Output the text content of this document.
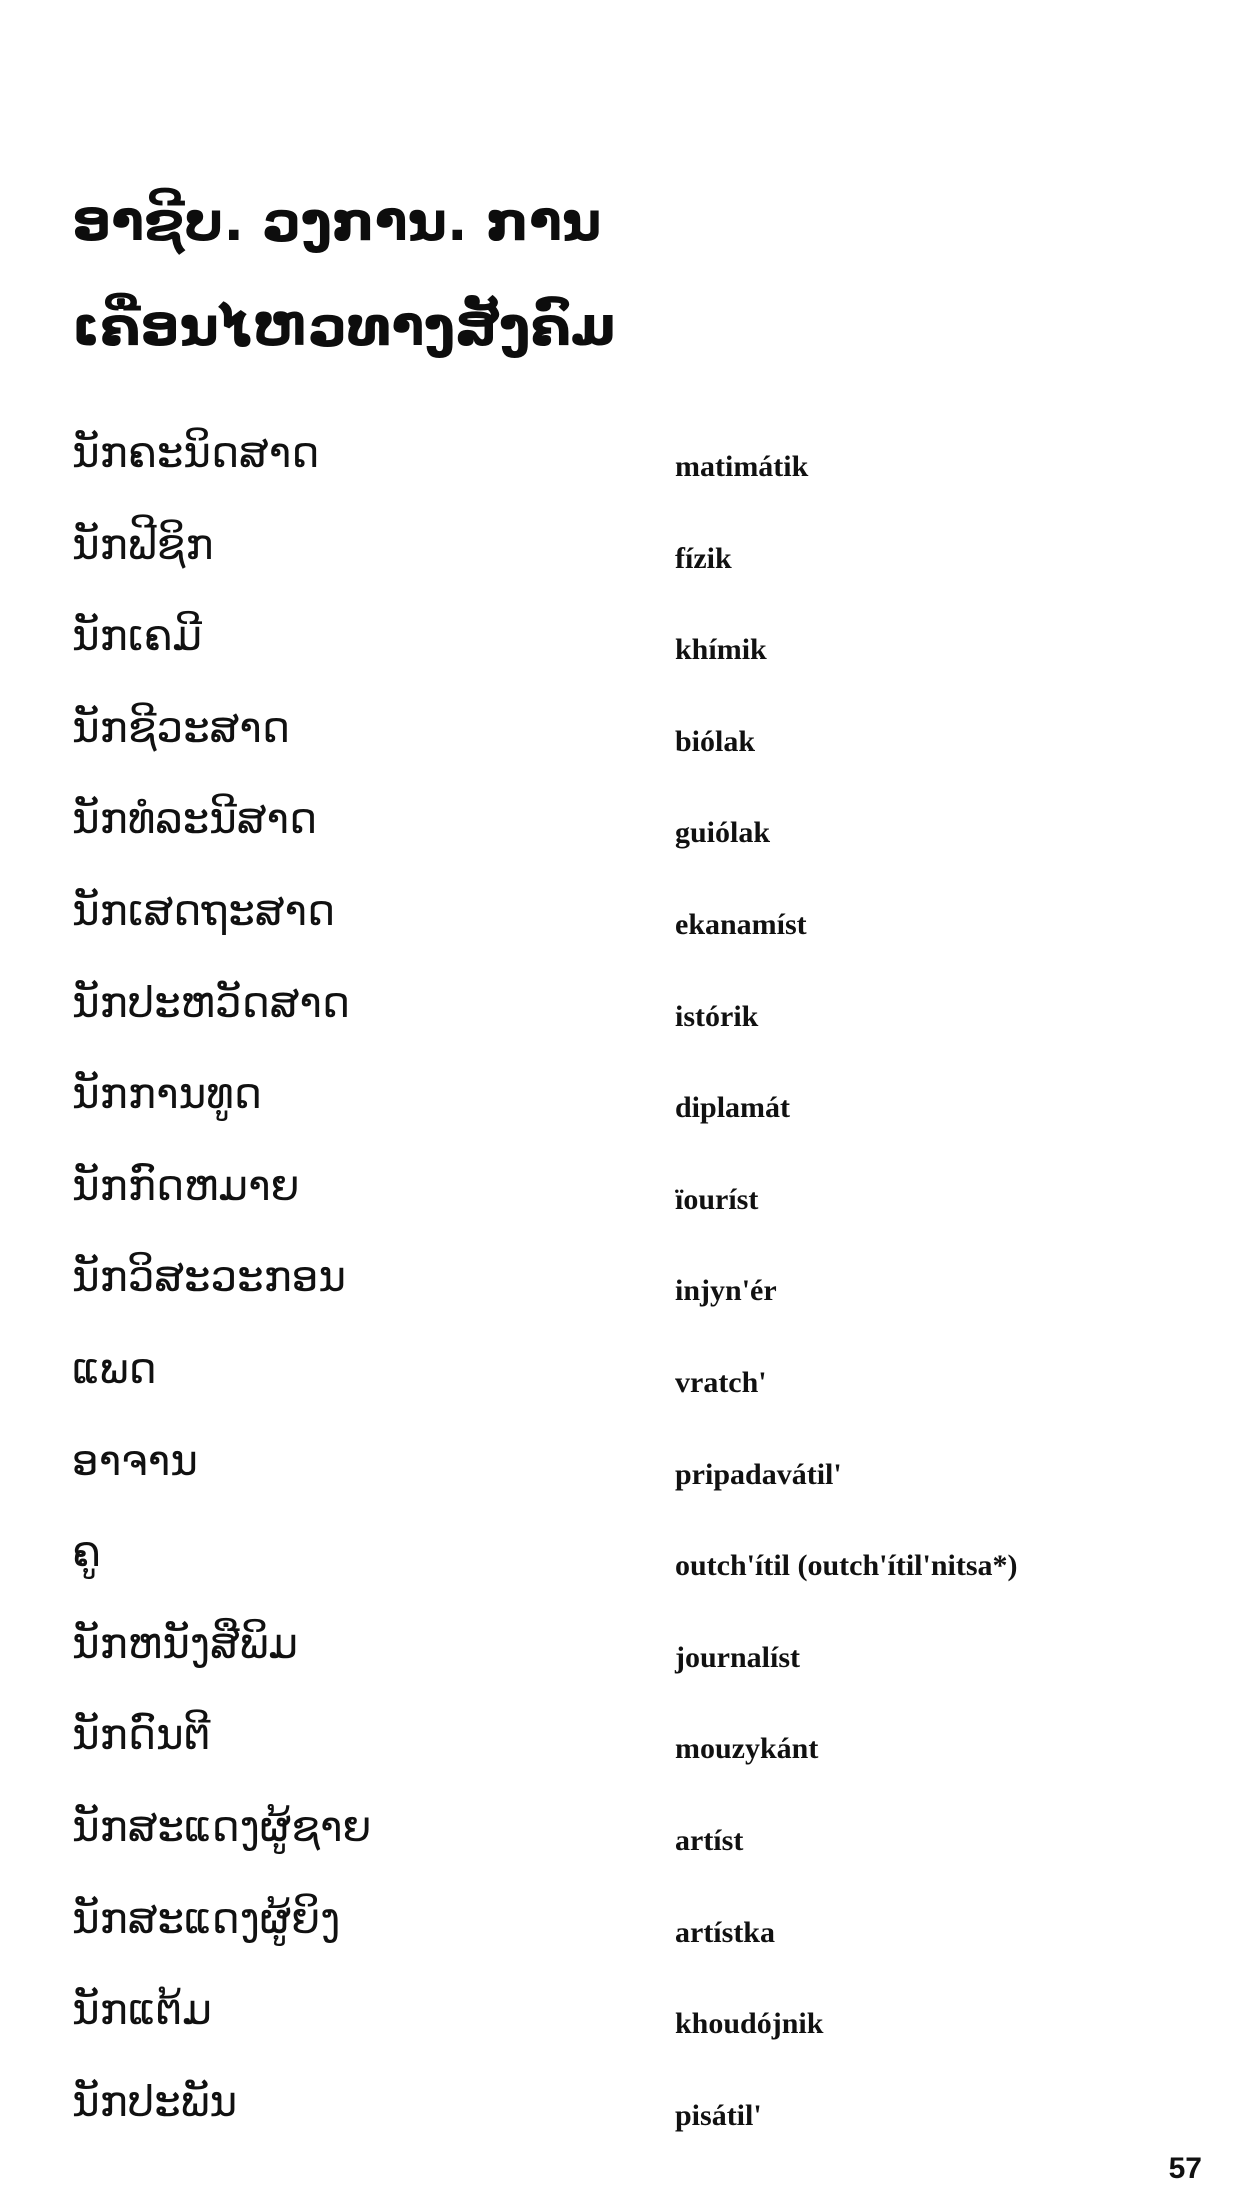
ອາຊີບ. ວງການ. ການ
ເຄື່ອນໄຫວທາງສັງຄົມ
ນັກຄະນິດສາດ	matimátik
ນັກຟີຊິກ	fízik
ນັກເຄມີ	khímik
ນັກຊີວະສາດ	biólak
ນັກທໍລະນີສາດ	guiólak
ນັກເສດຖະສາດ	ekanamíst
ນັກປະຫວັດສາດ	istórik
ນັກການທູດ	diplamát
ນັກກົດຫມາຍ	ïouríst
ນັກວິສະວະກອນ	injyn'ér
ແພດ	vratch'
ອາຈານ	pripadavátil'
ຄູ	outch'ítil (outch'ítil'nitsa*)
ນັກຫນັງສືພິມ	journalíst
ນັກດົນຕີ	mouzykánt
ນັກສະແດງຜູ້ຊາຍ	artíst
ນັກສະແດງຜູ້ຍິງ	artístka
ນັກແຕ້ມ	khoudójnik
ນັກປະພັນ	pisátil'
57
